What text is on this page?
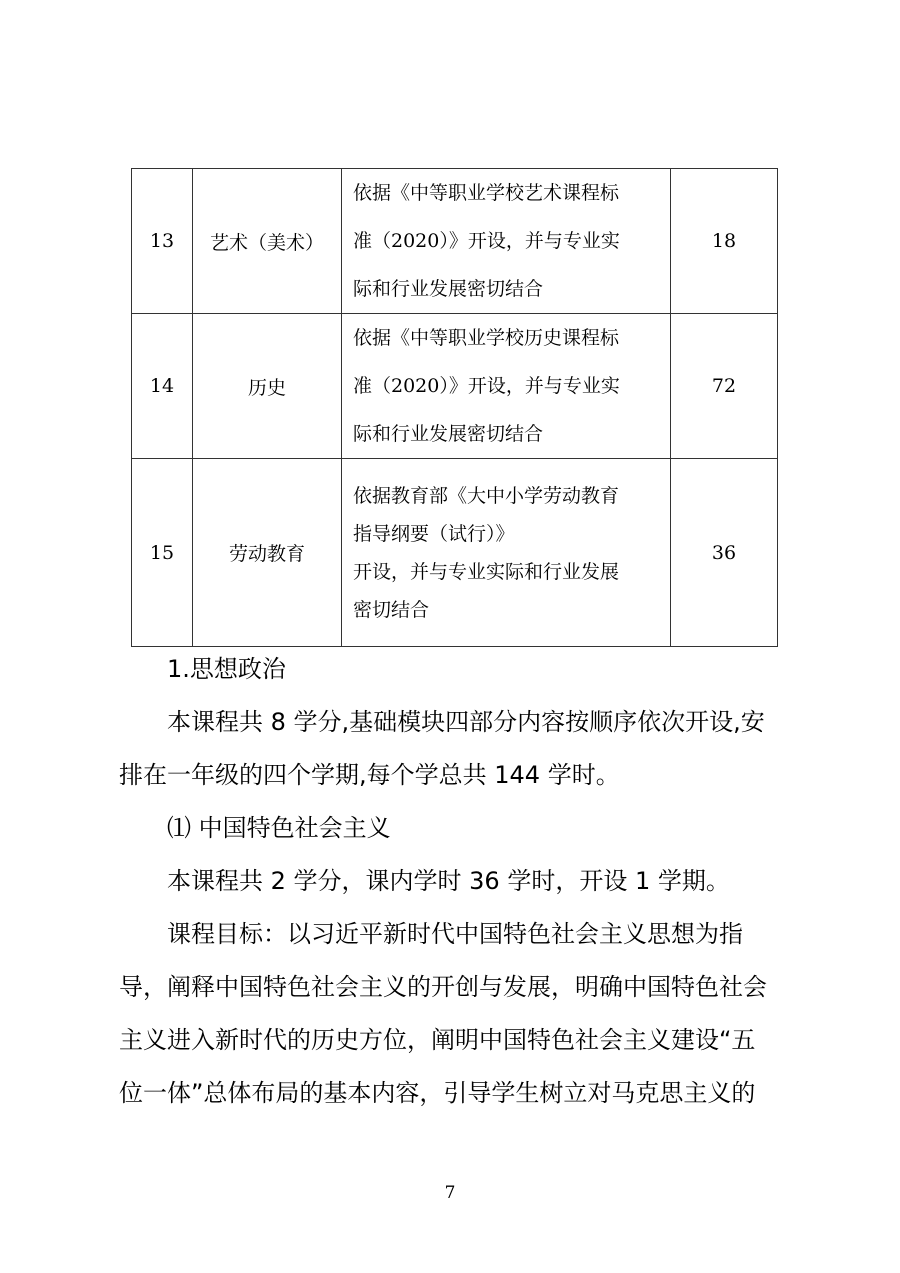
13	艺术（美术）	依据《中等职业学校艺术课程标
准（2020）》开设，并与专业实
际和行业发展密切结合	18
14	历史	依据《中等职业学校历史课程标
准（2020）》开设，并与专业实
际和行业发展密切结合	72
15	劳动教育	依据教育部《大中小学劳动教育
指导纲要（试行）》
开设，并与专业实际和行业发展
密切结合	36

1.思想政治

本课程共 8 学分,基础模块四部分内容按顺序依次开设,安

排在一年级的四个学期,每个学总共 144 学时。

⑴ 中国特色社会主义

本课程共 2 学分，课内学时 36 学时，开设 1 学期。

课程目标：以习近平新时代中国特色社会主义思想为指

导，阐释中国特色社会主义的开创与发展，明确中国特色社会

主义进入新时代的历史方位，阐明中国特色社会主义建设“五

位一体”总体布局的基本内容，引导学生树立对马克思主义的

7
